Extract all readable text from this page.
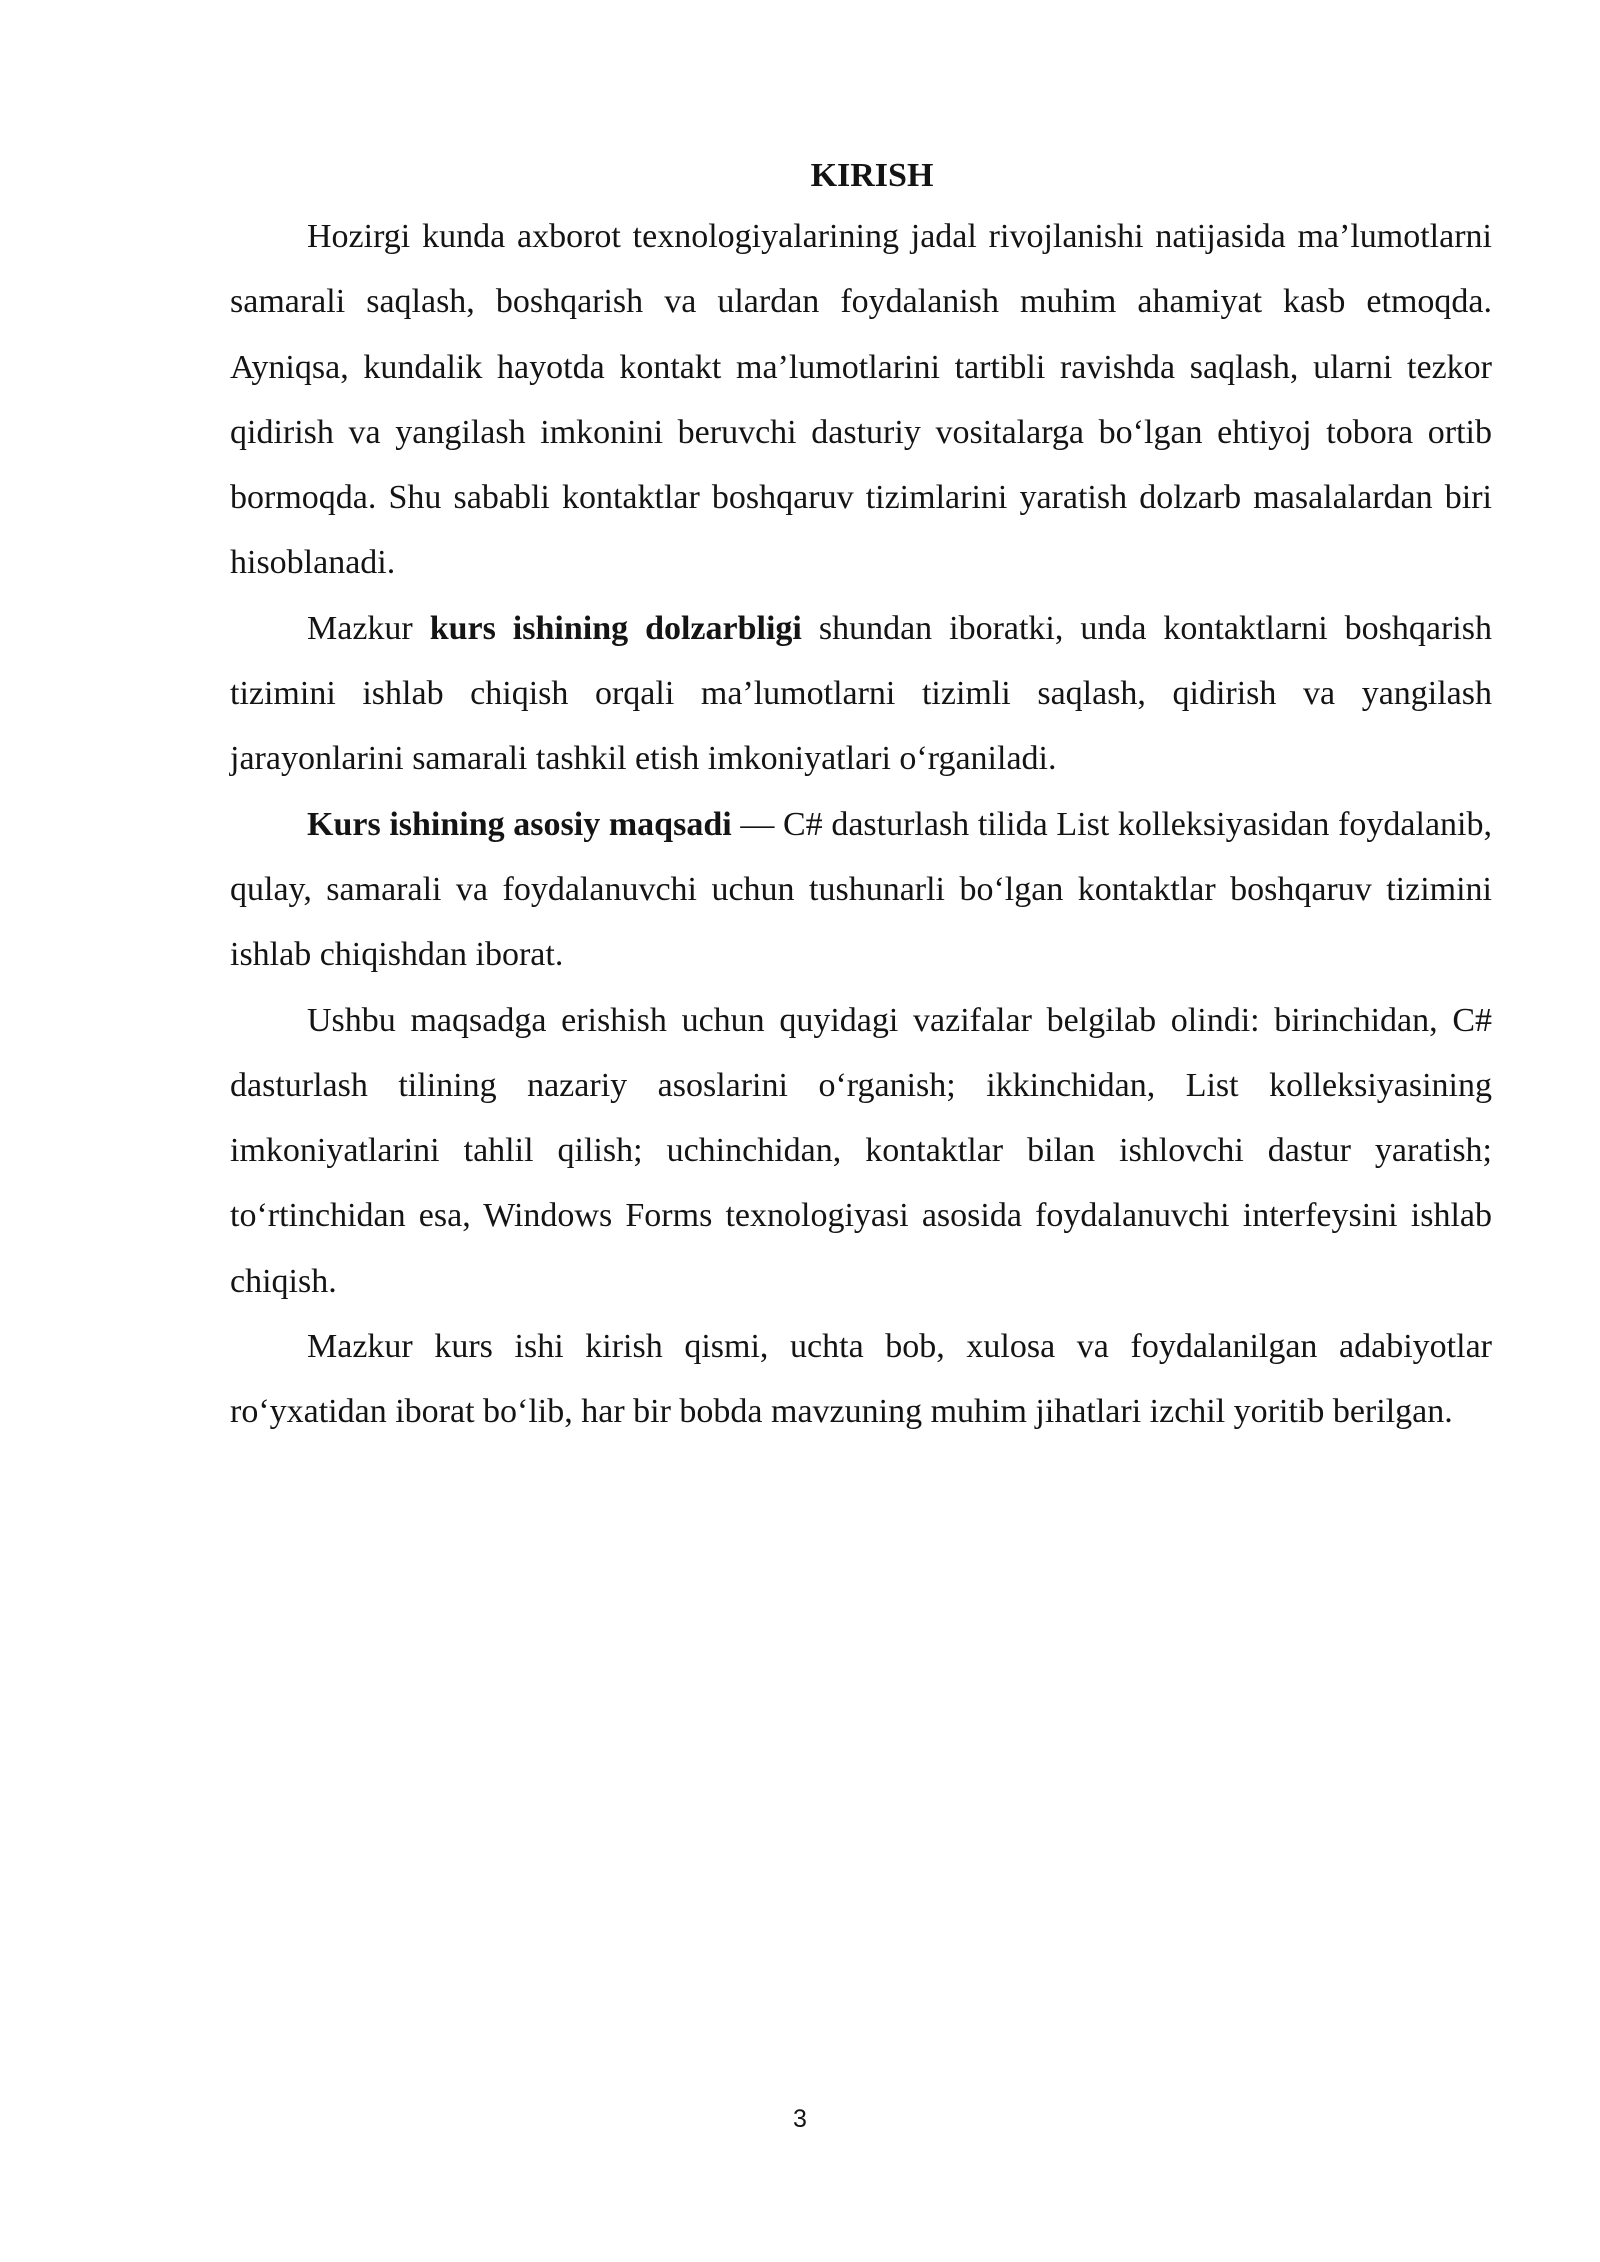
KIRISH

Hozirgi kunda axborot texnologiyalarining jadal rivojlanishi natijasida ma’lumotlarni samarali saqlash, boshqarish va ulardan foydalanish muhim ahamiyat kasb etmoqda. Ayniqsa, kundalik hayotda kontakt ma’lumotlarini tartibli ravishda saqlash, ularni tezkor qidirish va yangilash imkonini beruvchi dasturiy vositalarga bo‘lgan ehtiyoj tobora ortib bormoqda. Shu sababli kontaktlar boshqaruv tizimlarini yaratish dolzarb masalalardan biri hisoblanadi.

Mazkur kurs ishining dolzarbligi shundan iboratki, unda kontaktlarni boshqarish tizimini ishlab chiqish orqali ma’lumotlarni tizimli saqlash, qidirish va yangilash jarayonlarini samarali tashkil etish imkoniyatlari o‘rganiladi.

Kurs ishining asosiy maqsadi — C# dasturlash tilida List kolleksiyasidan foydalanib, qulay, samarali va foydalanuvchi uchun tushunarli bo‘lgan kontaktlar boshqaruv tizimini ishlab chiqishdan iborat.

Ushbu maqsadga erishish uchun quyidagi vazifalar belgilab olindi: birinchidan, C# dasturlash tilining nazariy asoslarini o‘rganish; ikkinchidan, List kolleksiyasining imkoniyatlarini tahlil qilish; uchinchidan, kontaktlar bilan ishlovchi dastur yaratish; to‘rtinchidan esa, Windows Forms texnologiyasi asosida foydalanuvchi interfeysini ishlab chiqish.

Mazkur kurs ishi kirish qismi, uchta bob, xulosa va foydalanilgan adabiyotlar ro‘yxatidan iborat bo‘lib, har bir bobda mavzuning muhim jihatlari izchil yoritib berilgan.

3
